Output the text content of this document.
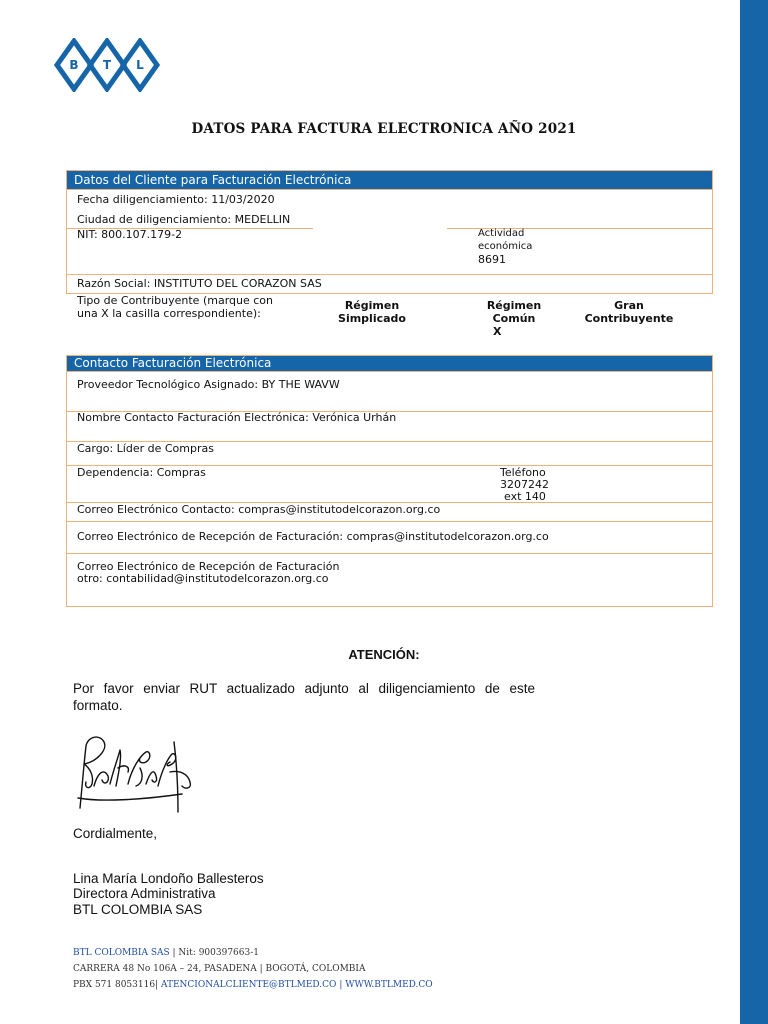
B T L
DATOS PARA FACTURA ELECTRONICA AÑO 2021
Datos del Cliente para Facturación Electrónica
Fecha diligenciamiento: 11/03/2020
Ciudad de diligenciamiento: MEDELLIN
NIT: 800.107.179-2	Actividad
económica
8691
Razón Social: INSTITUTO DEL CORAZON SAS
Tipo de Contribuyente (marque con
una X la casilla correspondiente):
Régimen
Simplicado
Régimen
Común
X
Gran
Contribuyente
Contacto Facturación Electrónica
Proveedor Tecnológico Asignado: BY THE WAVW
Nombre Contacto Facturación Electrónica: Verónica Urhán
Cargo: Líder de Compras
Dependencia: Compras	Teléfono
3207242
ext 140
Correo Electrónico Contacto: compras@institutodelcorazon.org.co
Correo Electrónico de Recepción de Facturación: compras@institutodelcorazon.org.co
Correo Electrónico de Recepción de Facturación
otro: contabilidad@institutodelcorazon.org.co
ATENCIÓN:
Por favor enviar RUT actualizado adjunto al diligenciamiento de este formato.
Cordialmente,
Lina María Londoño Ballesteros
Directora Administrativa
BTL COLOMBIA SAS
BTL COLOMBIA SAS | Nit: 900397663-1
CARRERA 48 No 106A – 24, PASADENA | BOGOTÁ, COLOMBIA
PBX 571 8053116| ATENCIONALCLIENTE@BTLMED.CO | WWW.BTLMED.CO
